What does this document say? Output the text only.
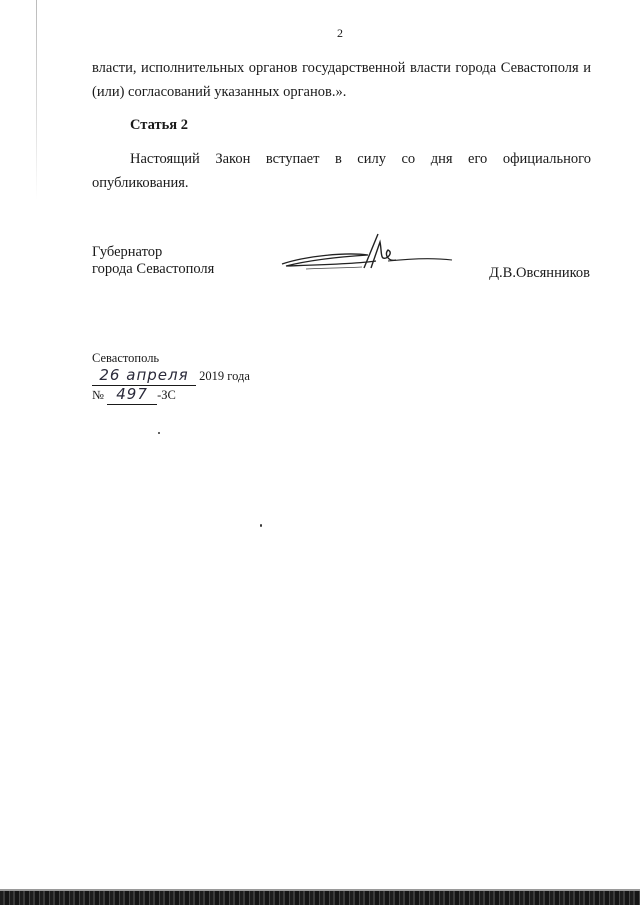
2
власти, исполнительных органов государственной власти города Севастополя и (или) согласований указанных органов.».
Статья 2
Настоящий Закон вступает в силу со дня его официального
опубликования.
Губернатор
города Севастополя	Д.В.Овсянников
Севастополь
26 апреля 2019 года
№ 497 -ЗС
